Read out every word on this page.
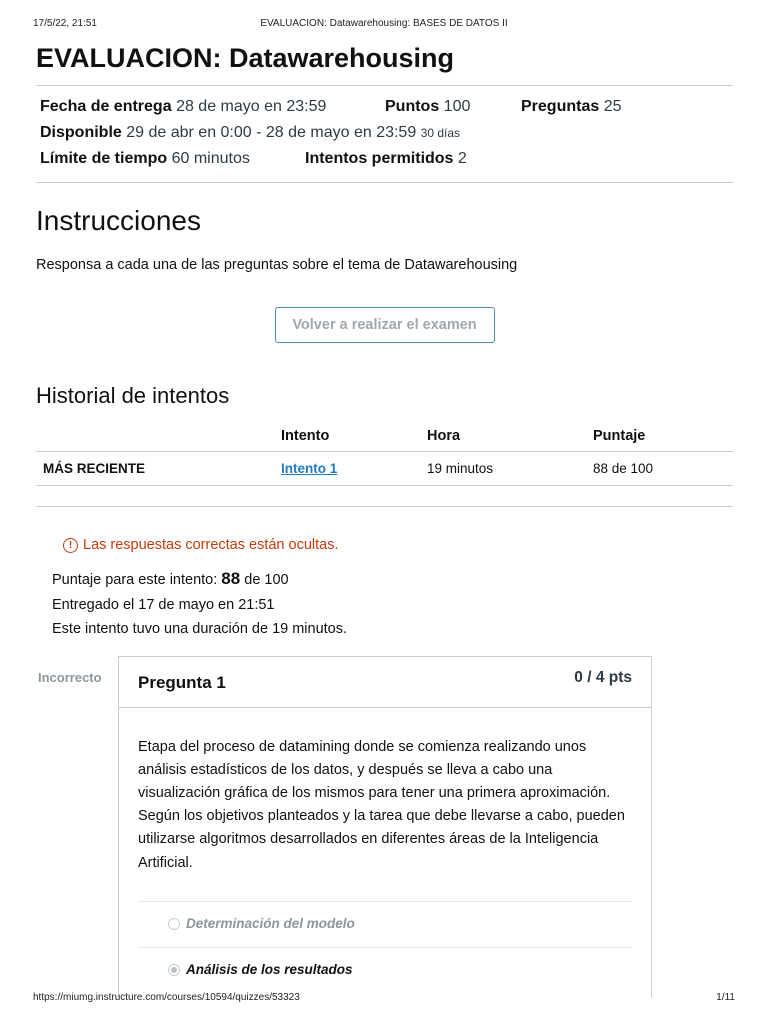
17/5/22, 21:51	EVALUACION: Datawarehousing: BASES DE DATOS II
EVALUACION: Datawarehousing
Fecha de entrega 28 de mayo en 23:59	Puntos 100	Preguntas 25
Disponible 29 de abr en 0:00 - 28 de mayo en 23:59 30 días
Límite de tiempo 60 minutos	Intentos permitidos 2
Instrucciones
Responsa a cada una de las preguntas sobre el tema de Datawarehousing
Volver a realizar el examen
Historial de intentos
	Intento	Hora	Puntaje
MÁS RECIENTE	Intento 1	19 minutos	88 de 100
! Las respuestas correctas están ocultas.
Puntaje para este intento: 88 de 100
Entregado el 17 de mayo en 21:51
Este intento tuvo una duración de 19 minutos.
Incorrecto Pregunta 1	0 / 4 pts
Etapa del proceso de datamining donde se comienza realizando unos análisis estadísticos de los datos, y después se lleva a cabo una visualización gráfica de los mismos para tener una primera aproximación. Según los objetivos planteados y la tarea que debe llevarse a cabo, pueden utilizarse algoritmos desarrollados en diferentes áreas de la Inteligencia Artificial.
Determinación del modelo
Análisis de los resultados
https://miumg.instructure.com/courses/10594/quizzes/53323	1/11
